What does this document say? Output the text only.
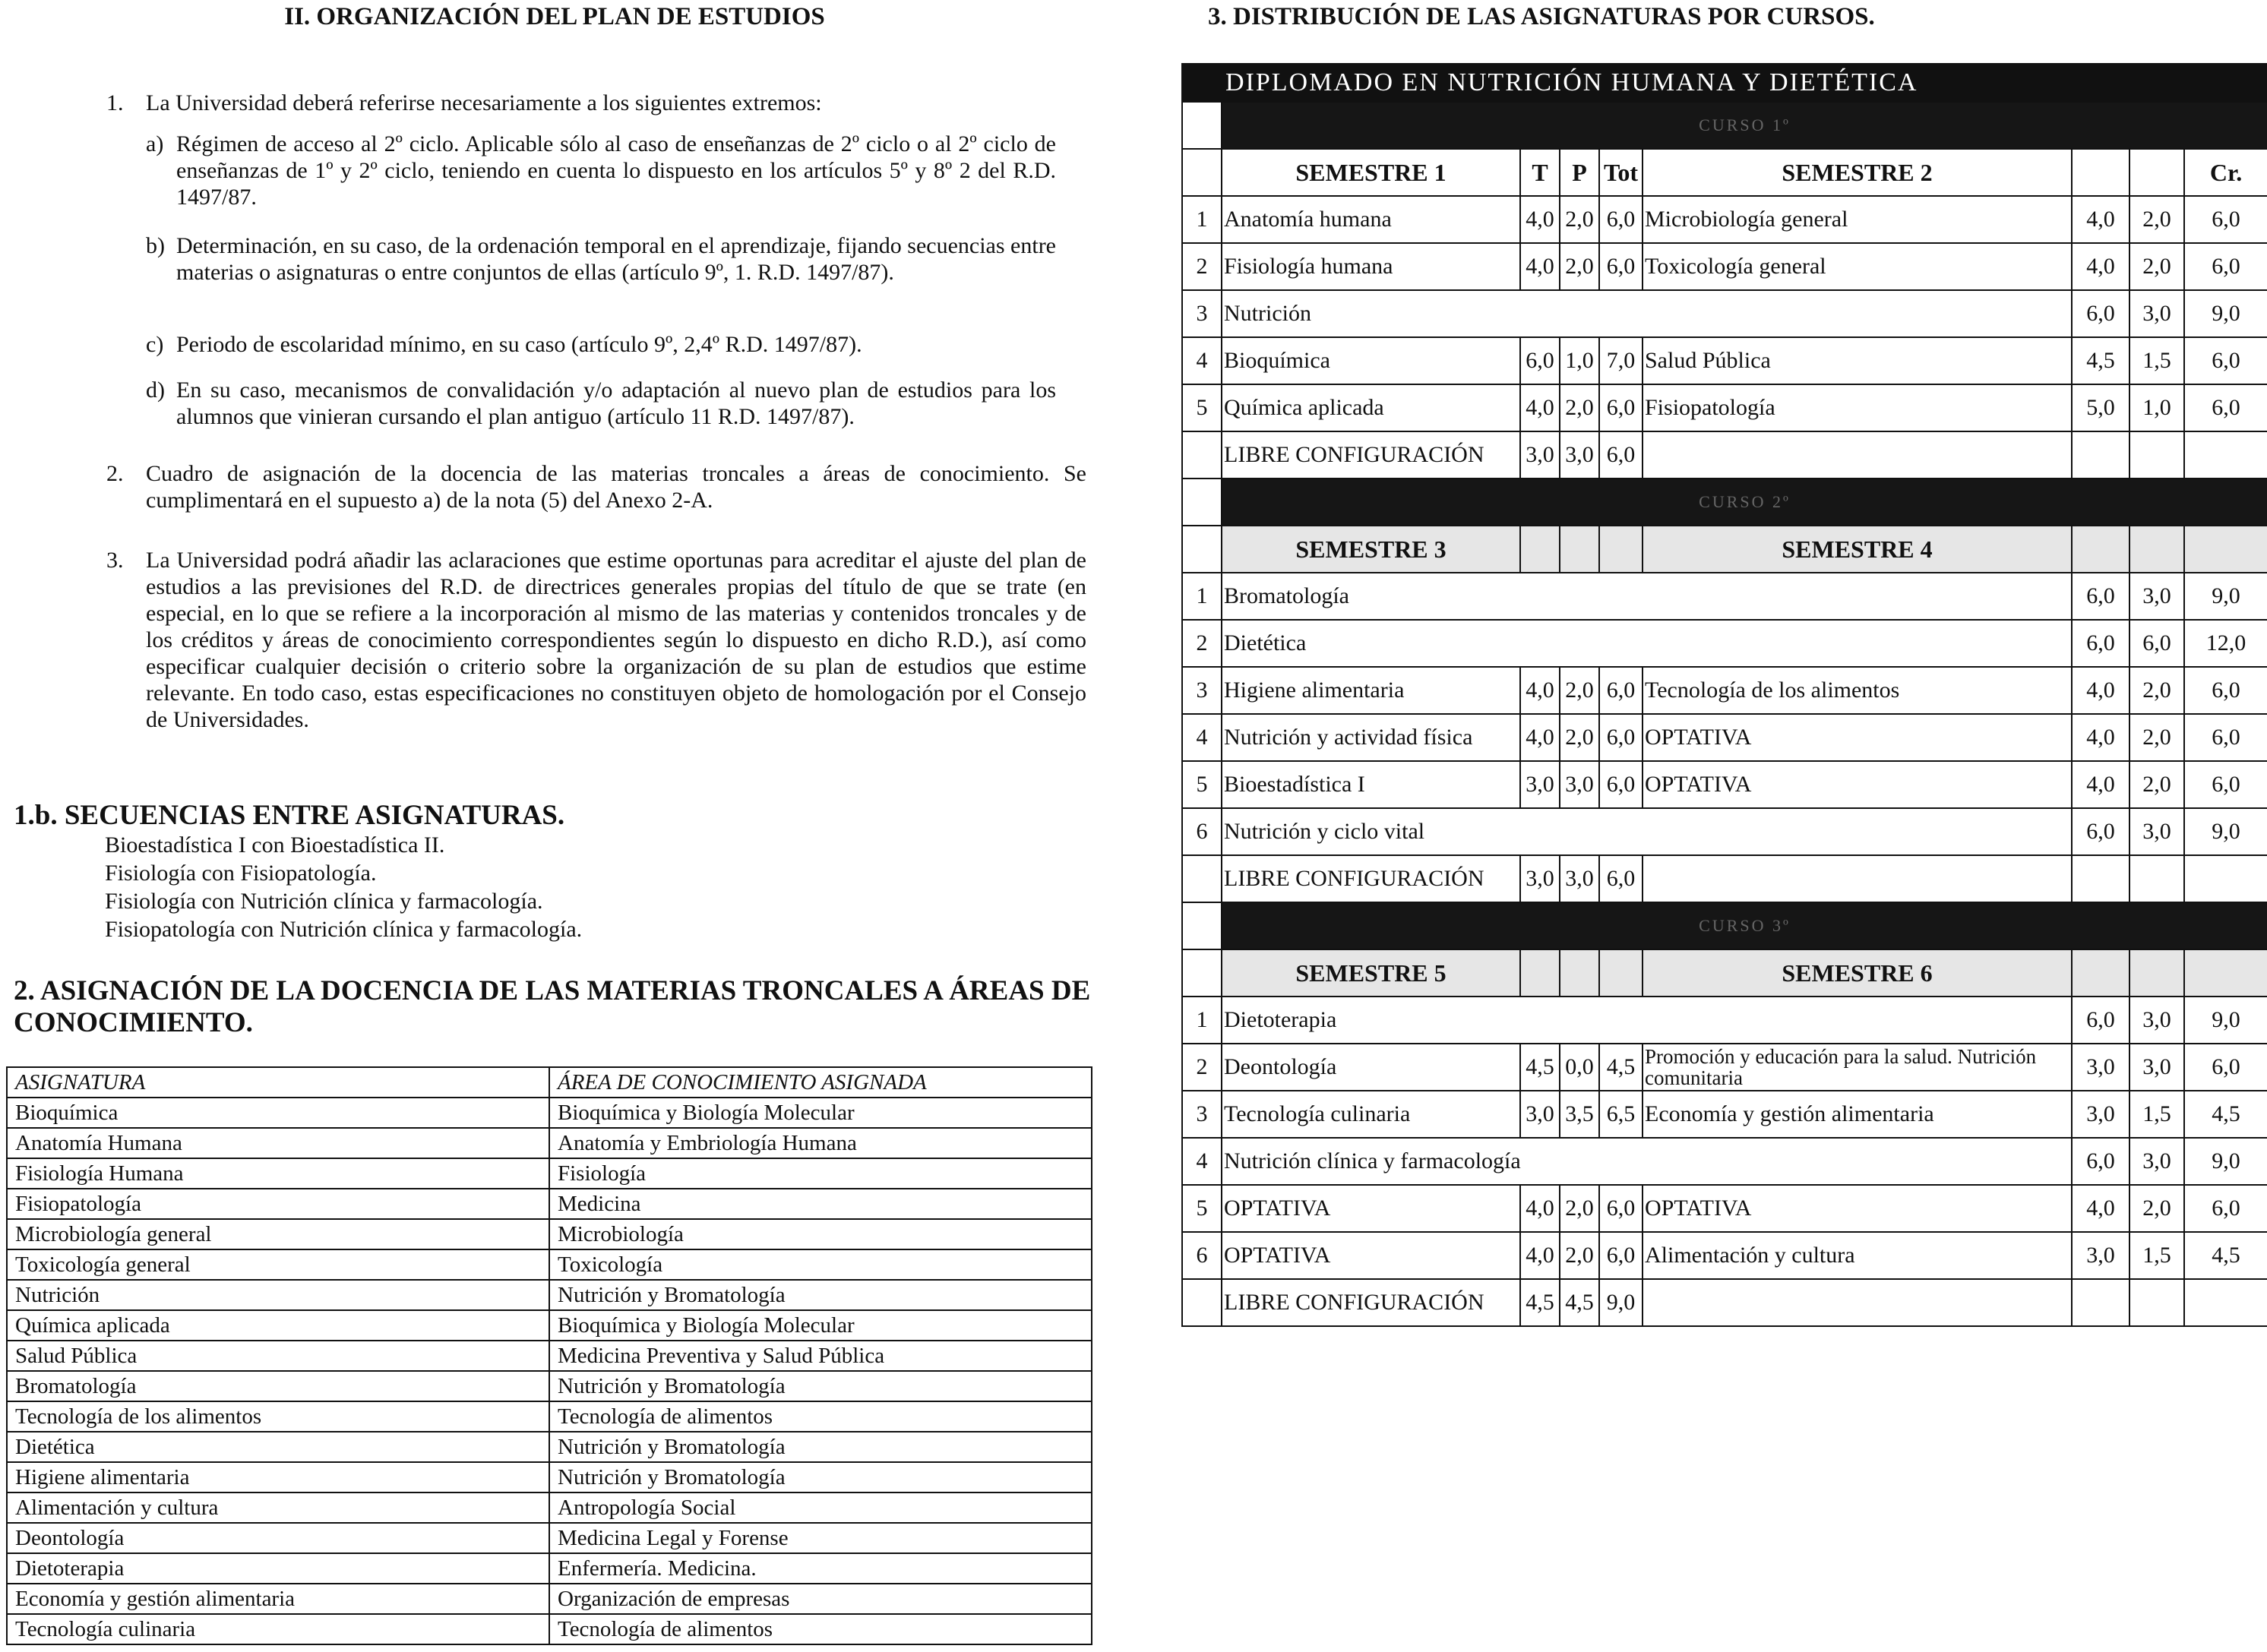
II. ORGANIZACIÓN DEL PLAN DE ESTUDIOS
1. La Universidad deberá referirse necesariamente a los siguientes extremos:
a) Régimen de acceso al 2º ciclo. Aplicable sólo al caso de enseñanzas de 2º ciclo o al 2º ciclo de enseñanzas de 1º y 2º ciclo, teniendo en cuenta lo dispuesto en los artículos 5º y 8º 2 del R.D. 1497/87.
b) Determinación, en su caso, de la ordenación temporal en el aprendizaje, fijando secuencias entre materias o asignaturas o entre conjuntos de ellas (artículo 9º, 1. R.D. 1497/87).
c) Periodo de escolaridad mínimo, en su caso (artículo 9º, 2,4º R.D. 1497/87).
d) En su caso, mecanismos de convalidación y/o adaptación al nuevo plan de estudios para los alumnos que vinieran cursando el plan antiguo (artículo 11 R.D. 1497/87).
2. Cuadro de asignación de la docencia de las materias troncales a áreas de conocimiento. Se cumplimentará en el supuesto a) de la nota (5) del Anexo 2-A.
3. La Universidad podrá añadir las aclaraciones que estime oportunas para acreditar el ajuste del plan de estudios a las previsiones del R.D. de directrices generales propias del título de que se trate (en especial, en lo que se refiere a la incorporación al mismo de las materias y contenidos troncales y de los créditos y áreas de conocimiento correspondientes según lo dispuesto en dicho R.D.), así como especificar cualquier decisión o criterio sobre la organización de su plan de estudios que estime relevante. En todo caso, estas especificaciones no constituyen objeto de homologación por el Consejo de Universidades.
1.b. SECUENCIAS ENTRE ASIGNATURAS.
Bioestadística I con Bioestadística II.
Fisiología con Fisiopatología.
Fisiología con Nutrición clínica y farmacología.
Fisiopatología con Nutrición clínica y farmacología.
2. ASIGNACIÓN DE LA DOCENCIA DE LAS MATERIAS TRONCALES A ÁREAS DE CONOCIMIENTO.
ASIGNATURA	ÁREA DE CONOCIMIENTO ASIGNADA
Bioquímica	Bioquímica y Biología Molecular
Anatomía Humana	Anatomía y Embriología Humana
Fisiología Humana	Fisiología
Fisiopatología	Medicina
Microbiología general	Microbiología
Toxicología general	Toxicología
Nutrición	Nutrición y Bromatología
Química aplicada	Bioquímica y Biología Molecular
Salud Pública	Medicina Preventiva y Salud Pública
Bromatología	Nutrición y Bromatología
Tecnología de los alimentos	Tecnología de alimentos
Dietética	Nutrición y Bromatología
Higiene alimentaria	Nutrición y Bromatología
Alimentación y cultura	Antropología Social
Deontología	Medicina Legal y Forense
Dietoterapia	Enfermería. Medicina.
Economía y gestión alimentaria	Organización de empresas
Tecnología culinaria	Tecnología de alimentos
3. DISTRIBUCIÓN DE LAS ASIGNATURAS POR CURSOS.
DIPLOMADO EN NUTRICIÓN HUMANA Y DIETÉTICA								
	CURSO 1º							
	SEMESTRE 1	T	P	Tot	SEMESTRE 2			Cr.
1	Anatomía humana	4,0	2,0	6,0	Microbiología general	4,0	2,0	6,0
2	Fisiología humana	4,0	2,0	6,0	Toxicología general	4,0	2,0	6,0
3	Nutrición					6,0	3,0	9,0
4	Bioquímica	6,0	1,0	7,0	Salud Pública	4,5	1,5	6,0
5	Química aplicada	4,0	2,0	6,0	Fisiopatología	5,0	1,0	6,0
	LIBRE CONFIGURACIÓN	3,0	3,0	6,0				
	CURSO 2º							
	SEMESTRE 3				SEMESTRE 4			
1	Bromatología					6,0	3,0	9,0
2	Dietética					6,0	6,0	12,0
3	Higiene alimentaria	4,0	2,0	6,0	Tecnología de los alimentos	4,0	2,0	6,0
4	Nutrición y actividad física	4,0	2,0	6,0	OPTATIVA	4,0	2,0	6,0
5	Bioestadística I	3,0	3,0	6,0	OPTATIVA	4,0	2,0	6,0
6	Nutrición y ciclo vital					6,0	3,0	9,0
	LIBRE CONFIGURACIÓN	3,0	3,0	6,0				
	CURSO 3º							
	SEMESTRE 5				SEMESTRE 6			
1	Dietoterapia					6,0	3,0	9,0
2	Deontología	4,5	0,0	4,5	Promoción y educación para la salud. Nutrición comunitaria	3,0	3,0	6,0
3	Tecnología culinaria	3,0	3,5	6,5	Economía y gestión alimentaria	3,0	1,5	4,5
4	Nutrición clínica y farmacología					6,0	3,0	9,0
5	OPTATIVA	4,0	2,0	6,0	OPTATIVA	4,0	2,0	6,0
6	OPTATIVA	4,0	2,0	6,0	Alimentación y cultura	3,0	1,5	4,5
	LIBRE CONFIGURACIÓN	4,5	4,5	9,0				
